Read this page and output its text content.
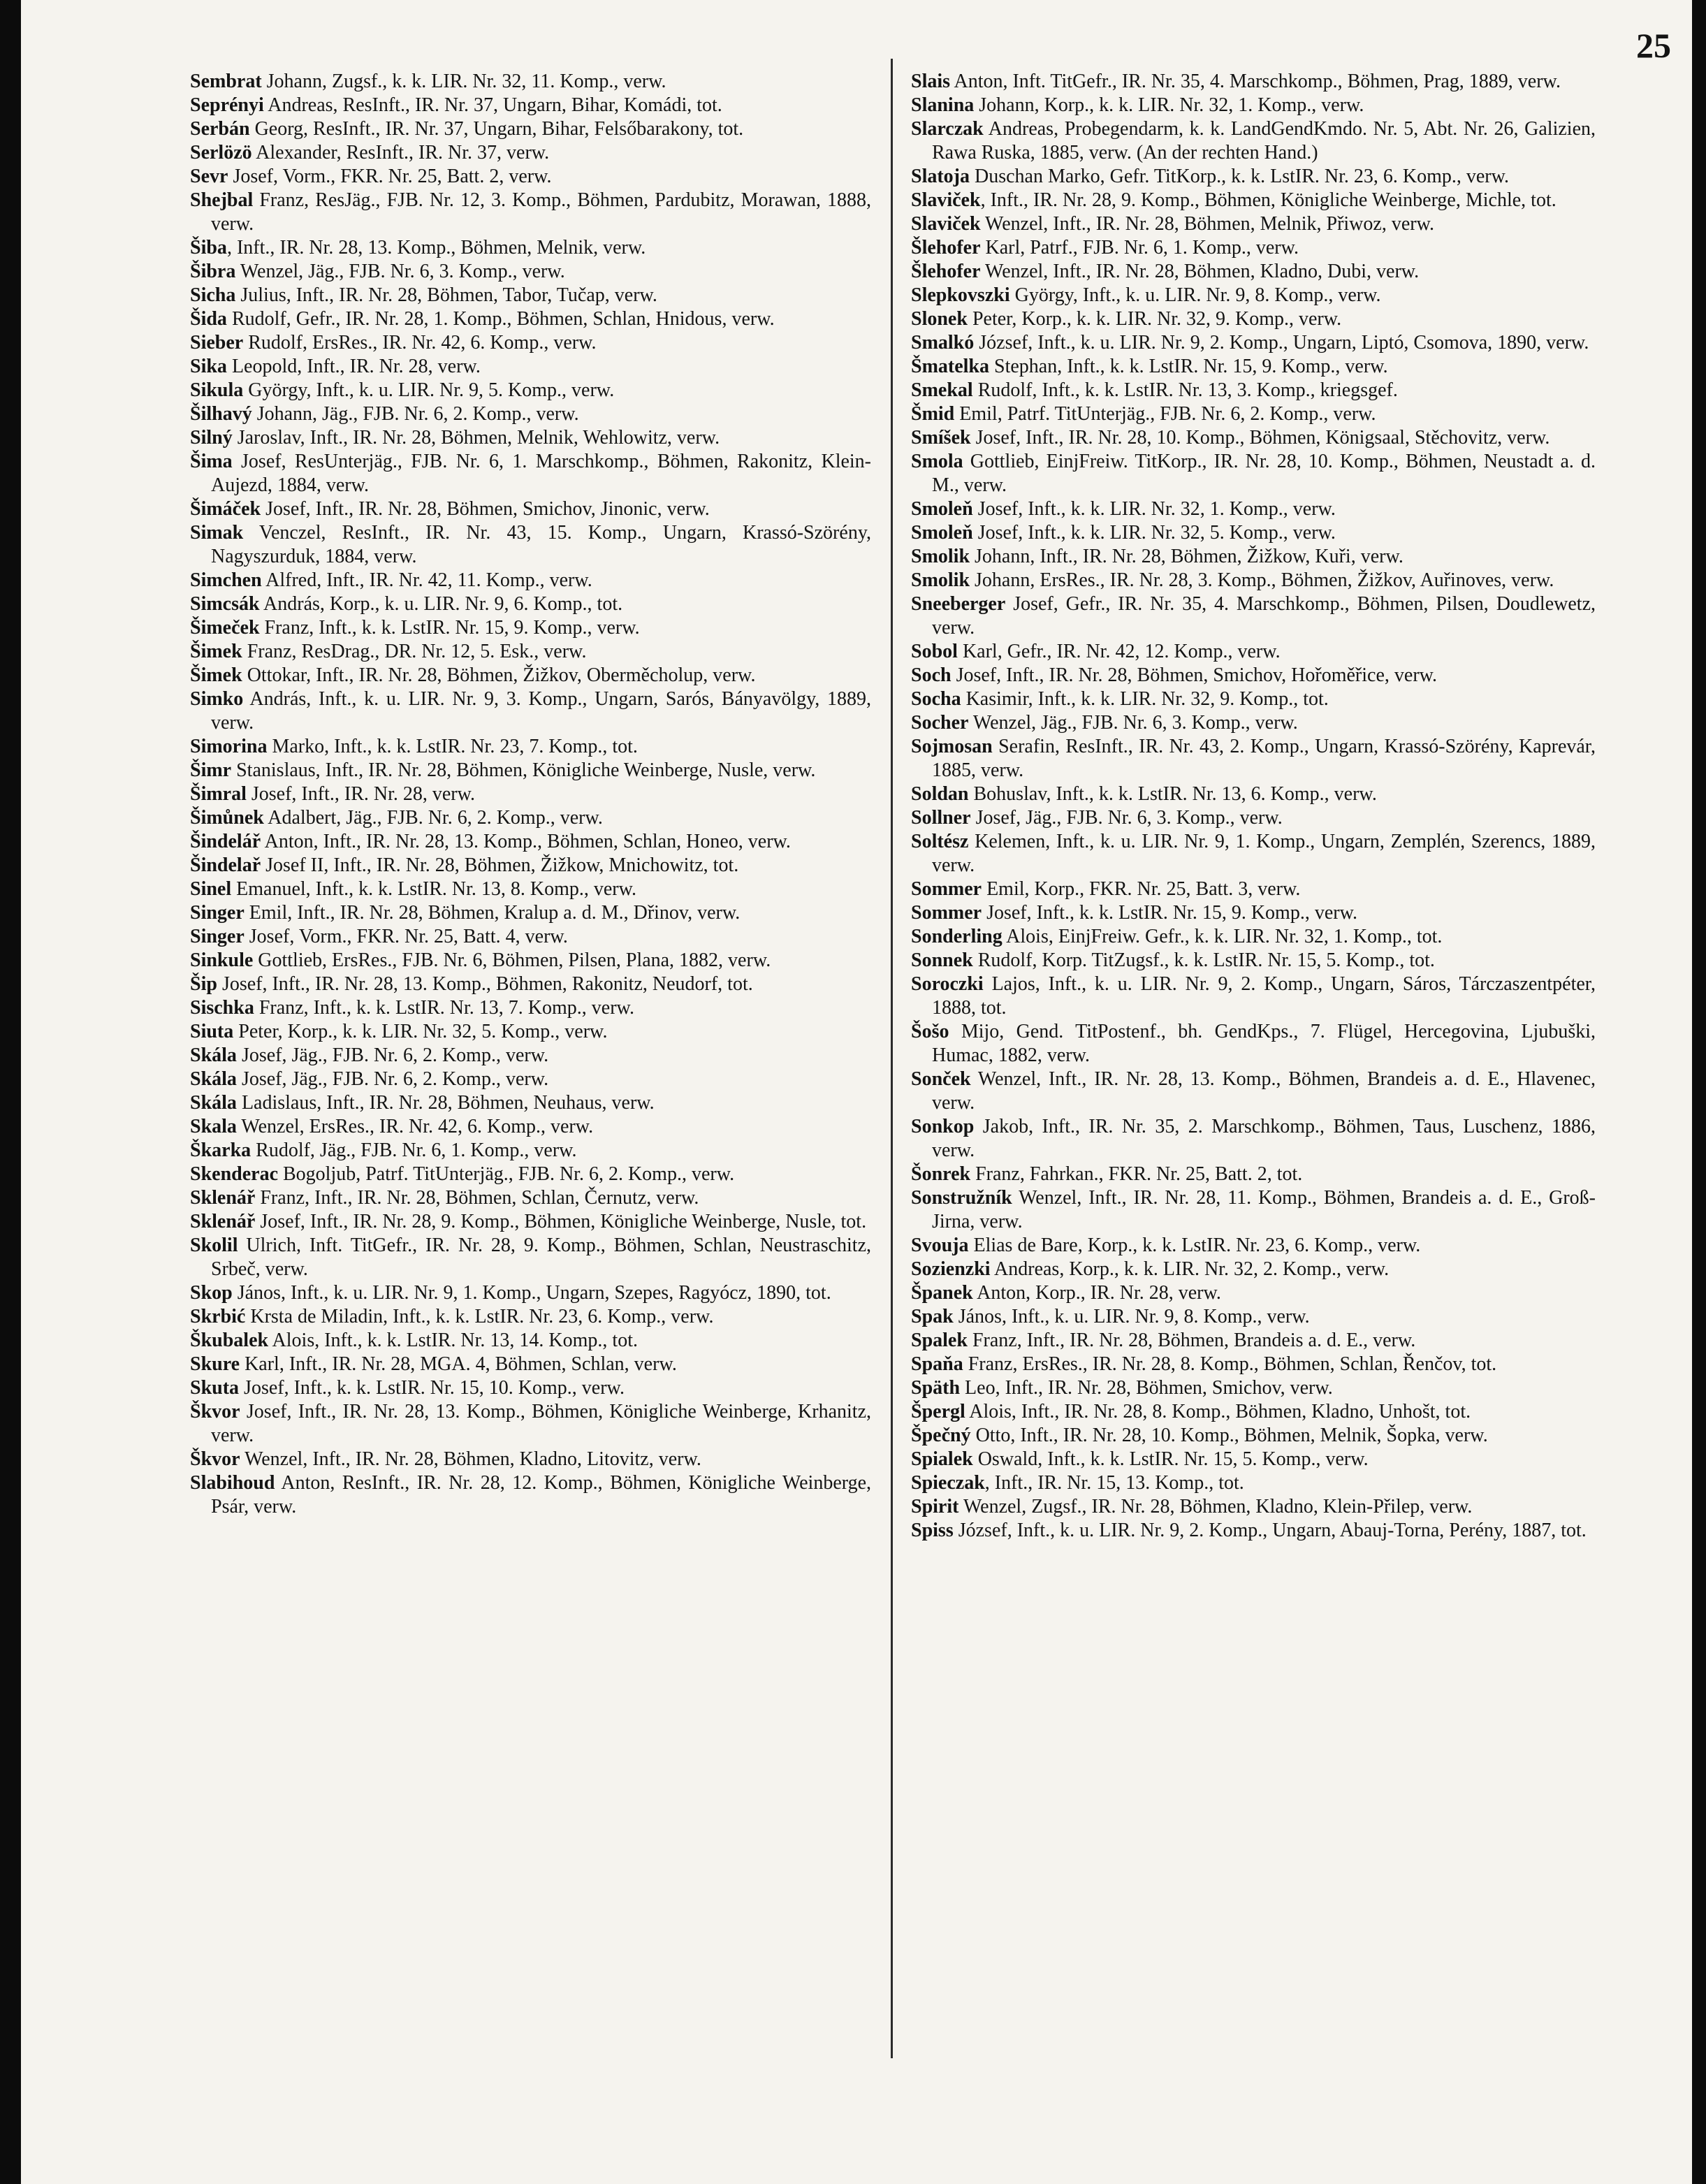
25

Sembrat Johann, Zugsf., k. k. LIR. Nr. 32, 11. Komp., verw.

Seprényi Andreas, ResInft., IR. Nr. 37, Ungarn, Bihar, Komádi, tot.

Serbán Georg, ResInft., IR. Nr. 37, Ungarn, Bihar, Felsőbarakony, tot.

Serlözö Alexander, ResInft., IR. Nr. 37, verw.

Sevr Josef, Vorm., FKR. Nr. 25, Batt. 2, verw.

Shejbal Franz, ResJäg., FJB. Nr. 12, 3. Komp., Böhmen, Pardubitz, Morawan, 1888, verw.

Šiba, Inft., IR. Nr. 28, 13. Komp., Böhmen, Melnik, verw.

Šibra Wenzel, Jäg., FJB. Nr. 6, 3. Komp., verw.

Sicha Julius, Inft., IR. Nr. 28, Böhmen, Tabor, Tučap, verw.

Šida Rudolf, Gefr., IR. Nr. 28, 1. Komp., Böhmen, Schlan, Hnidous, verw.

Sieber Rudolf, ErsRes., IR. Nr. 42, 6. Komp., verw.

Sika Leopold, Inft., IR. Nr. 28, verw.

Sikula György, Inft., k. u. LIR. Nr. 9, 5. Komp., verw.

Šilhavý Johann, Jäg., FJB. Nr. 6, 2. Komp., verw.

Silný Jaroslav, Inft., IR. Nr. 28, Böhmen, Melnik, Wehlowitz, verw.

Šima Josef, ResUnterjäg., FJB. Nr. 6, 1. Marschkomp., Böhmen, Rakonitz, Klein-Aujezd, 1884, verw.

Šimáček Josef, Inft., IR. Nr. 28, Böhmen, Smichov, Jinonic, verw.

Simak Venczel, ResInft., IR. Nr. 43, 15. Komp., Ungarn, Krassó-Szörény, Nagyszurduk, 1884, verw.

Simchen Alfred, Inft., IR. Nr. 42, 11. Komp., verw.

Simcsák András, Korp., k. u. LIR. Nr. 9, 6. Komp., tot.

Šimeček Franz, Inft., k. k. LstIR. Nr. 15, 9. Komp., verw.

Šimek Franz, ResDrag., DR. Nr. 12, 5. Esk., verw.

Šimek Ottokar, Inft., IR. Nr. 28, Böhmen, Žižkov, Oberměcholup, verw.

Simko András, Inft., k. u. LIR. Nr. 9, 3. Komp., Ungarn, Sarós, Bányavölgy, 1889, verw.

Simorina Marko, Inft., k. k. LstIR. Nr. 23, 7. Komp., tot.

Šimr Stanislaus, Inft., IR. Nr. 28, Böhmen, Königliche Weinberge, Nusle, verw.

Šimral Josef, Inft., IR. Nr. 28, verw.

Šimůnek Adalbert, Jäg., FJB. Nr. 6, 2. Komp., verw.

Šindelář Anton, Inft., IR. Nr. 28, 13. Komp., Böhmen, Schlan, Honeo, verw.

Šindelař Josef II, Inft., IR. Nr. 28, Böhmen, Žižkow, Mnichowitz, tot.

Sinel Emanuel, Inft., k. k. LstIR. Nr. 13, 8. Komp., verw.

Singer Emil, Inft., IR. Nr. 28, Böhmen, Kralup a. d. M., Dřinov, verw.

Singer Josef, Vorm., FKR. Nr. 25, Batt. 4, verw.

Sinkule Gottlieb, ErsRes., FJB. Nr. 6, Böhmen, Pilsen, Plana, 1882, verw.

Šip Josef, Inft., IR. Nr. 28, 13. Komp., Böhmen, Rakonitz, Neudorf, tot.

Sischka Franz, Inft., k. k. LstIR. Nr. 13, 7. Komp., verw.

Siuta Peter, Korp., k. k. LIR. Nr. 32, 5. Komp., verw.

Skála Josef, Jäg., FJB. Nr. 6, 2. Komp., verw.

Skála Josef, Jäg., FJB. Nr. 6, 2. Komp., verw.

Skála Ladislaus, Inft., IR. Nr. 28, Böhmen, Neuhaus, verw.

Skala Wenzel, ErsRes., IR. Nr. 42, 6. Komp., verw.

Škarka Rudolf, Jäg., FJB. Nr. 6, 1. Komp., verw.

Skenderac Bogoljub, Patrf. TitUnterjäg., FJB. Nr. 6, 2. Komp., verw.

Sklenář Franz, Inft., IR. Nr. 28, Böhmen, Schlan, Černutz, verw.

Sklenář Josef, Inft., IR. Nr. 28, 9. Komp., Böhmen, Königliche Weinberge, Nusle, tot.

Skolil Ulrich, Inft. TitGefr., IR. Nr. 28, 9. Komp., Böhmen, Schlan, Neustraschitz, Srbeč, verw.

Skop János, Inft., k. u. LIR. Nr. 9, 1. Komp., Ungarn, Szepes, Ragyócz, 1890, tot.

Skrbić Krsta de Miladin, Inft., k. k. LstIR. Nr. 23, 6. Komp., verw.

Škubalek Alois, Inft., k. k. LstIR. Nr. 13, 14. Komp., tot.

Skure Karl, Inft., IR. Nr. 28, MGA. 4, Böhmen, Schlan, verw.

Skuta Josef, Inft., k. k. LstIR. Nr. 15, 10. Komp., verw.

Škvor Josef, Inft., IR. Nr. 28, 13. Komp., Böhmen, Königliche Weinberge, Krhanitz, verw.

Škvor Wenzel, Inft., IR. Nr. 28, Böhmen, Kladno, Litovitz, verw.

Slabihoud Anton, ResInft., IR. Nr. 28, 12. Komp., Böhmen, Königliche Weinberge, Psár, verw.

Slais Anton, Inft. TitGefr., IR. Nr. 35, 4. Marschkomp., Böhmen, Prag, 1889, verw.

Slanina Johann, Korp., k. k. LIR. Nr. 32, 1. Komp., verw.

Slarczak Andreas, Probegendarm, k. k. LandGendKmdo. Nr. 5, Abt. Nr. 26, Galizien, Rawa Ruska, 1885, verw. (An der rechten Hand.)

Slatoja Duschan Marko, Gefr. TitKorp., k. k. LstIR. Nr. 23, 6. Komp., verw.

Slaviček, Inft., IR. Nr. 28, 9. Komp., Böhmen, Königliche Weinberge, Michle, tot.

Slaviček Wenzel, Inft., IR. Nr. 28, Böhmen, Melnik, Přiwoz, verw.

Šlehofer Karl, Patrf., FJB. Nr. 6, 1. Komp., verw.

Šlehofer Wenzel, Inft., IR. Nr. 28, Böhmen, Kladno, Dubi, verw.

Slepkovszki György, Inft., k. u. LIR. Nr. 9, 8. Komp., verw.

Slonek Peter, Korp., k. k. LIR. Nr. 32, 9. Komp., verw.

Smalkó József, Inft., k. u. LIR. Nr. 9, 2. Komp., Ungarn, Liptó, Csomova, 1890, verw.

Šmatelka Stephan, Inft., k. k. LstIR. Nr. 15, 9. Komp., verw.

Smekal Rudolf, Inft., k. k. LstIR. Nr. 13, 3. Komp., kriegsgef.

Šmid Emil, Patrf. TitUnterjäg., FJB. Nr. 6, 2. Komp., verw.

Smíšek Josef, Inft., IR. Nr. 28, 10. Komp., Böhmen, Königsaal, Stěchovitz, verw.

Smola Gottlieb, EinjFreiw. TitKorp., IR. Nr. 28, 10. Komp., Böhmen, Neustadt a. d. M., verw.

Smoleň Josef, Inft., k. k. LIR. Nr. 32, 1. Komp., verw.

Smoleň Josef, Inft., k. k. LIR. Nr. 32, 5. Komp., verw.

Smolik Johann, Inft., IR. Nr. 28, Böhmen, Žižkow, Kuři, verw.

Smolik Johann, ErsRes., IR. Nr. 28, 3. Komp., Böhmen, Žižkov, Auřinoves, verw.

Sneeberger Josef, Gefr., IR. Nr. 35, 4. Marschkomp., Böhmen, Pilsen, Doudlewetz, verw.

Sobol Karl, Gefr., IR. Nr. 42, 12. Komp., verw.

Soch Josef, Inft., IR. Nr. 28, Böhmen, Smichov, Hořoměřice, verw.

Socha Kasimir, Inft., k. k. LIR. Nr. 32, 9. Komp., tot.

Socher Wenzel, Jäg., FJB. Nr. 6, 3. Komp., verw.

Sojmosan Serafin, ResInft., IR. Nr. 43, 2. Komp., Ungarn, Krassó-Szörény, Kaprevár, 1885, verw.

Soldan Bohuslav, Inft., k. k. LstIR. Nr. 13, 6. Komp., verw.

Sollner Josef, Jäg., FJB. Nr. 6, 3. Komp., verw.

Soltész Kelemen, Inft., k. u. LIR. Nr. 9, 1. Komp., Ungarn, Zemplén, Szerencs, 1889, verw.

Sommer Emil, Korp., FKR. Nr. 25, Batt. 3, verw.

Sommer Josef, Inft., k. k. LstIR. Nr. 15, 9. Komp., verw.

Sonderling Alois, EinjFreiw. Gefr., k. k. LIR. Nr. 32, 1. Komp., tot.

Sonnek Rudolf, Korp. TitZugsf., k. k. LstIR. Nr. 15, 5. Komp., tot.

Soroczki Lajos, Inft., k. u. LIR. Nr. 9, 2. Komp., Ungarn, Sáros, Tárczaszentpéter, 1888, tot.

Šošo Mijo, Gend. TitPostenf., bh. GendKps., 7. Flügel, Hercegovina, Ljubuški, Humac, 1882, verw.

Sonček Wenzel, Inft., IR. Nr. 28, 13. Komp., Böhmen, Brandeis a. d. E., Hlavenec, verw.

Sonkop Jakob, Inft., IR. Nr. 35, 2. Marschkomp., Böhmen, Taus, Luschenz, 1886, verw.

Šonrek Franz, Fahrkan., FKR. Nr. 25, Batt. 2, tot.

Sonstružník Wenzel, Inft., IR. Nr. 28, 11. Komp., Böhmen, Brandeis a. d. E., Groß-Jirna, verw.

Svouja Elias de Bare, Korp., k. k. LstIR. Nr. 23, 6. Komp., verw.

Sozienzki Andreas, Korp., k. k. LIR. Nr. 32, 2. Komp., verw.

Španek Anton, Korp., IR. Nr. 28, verw.

Spak János, Inft., k. u. LIR. Nr. 9, 8. Komp., verw.

Spalek Franz, Inft., IR. Nr. 28, Böhmen, Brandeis a. d. E., verw.

Spaňa Franz, ErsRes., IR. Nr. 28, 8. Komp., Böhmen, Schlan, Řenčov, tot.

Späth Leo, Inft., IR. Nr. 28, Böhmen, Smichov, verw.

Špergl Alois, Inft., IR. Nr. 28, 8. Komp., Böhmen, Kladno, Unhošt, tot.

Špečný Otto, Inft., IR. Nr. 28, 10. Komp., Böhmen, Melnik, Šopka, verw.

Spialek Oswald, Inft., k. k. LstIR. Nr. 15, 5. Komp., verw.

Spieczak, Inft., IR. Nr. 15, 13. Komp., tot.

Spirit Wenzel, Zugsf., IR. Nr. 28, Böhmen, Kladno, Klein-Přilep, verw.

Spiss József, Inft., k. u. LIR. Nr. 9, 2. Komp., Ungarn, Abauj-Torna, Perény, 1887, tot.
